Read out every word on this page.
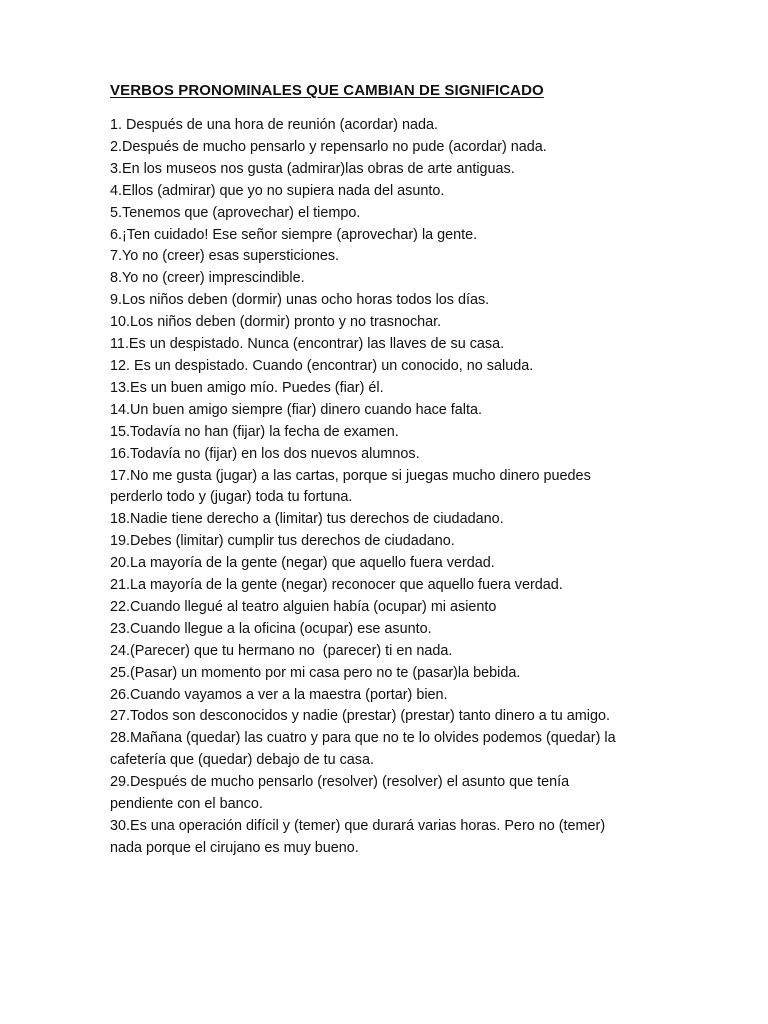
VERBOS PRONOMINALES QUE CAMBIAN DE SIGNIFICADO
1. Después de una hora de reunión (acordar) nada.
2.Después de mucho pensarlo y repensarlo no pude (acordar) nada.
3.En los museos nos gusta (admirar)las obras de arte antiguas.
4.Ellos (admirar) que yo no supiera nada del asunto.
5.Tenemos que (aprovechar) el tiempo.
6.¡Ten cuidado! Ese señor siempre (aprovechar) la gente.
7.Yo no (creer) esas supersticiones.
8.Yo no (creer) imprescindible.
9.Los niños deben (dormir) unas ocho horas todos los días.
10.Los niños deben (dormir) pronto y no trasnochar.
11.Es un despistado. Nunca (encontrar) las llaves de su casa.
12. Es un despistado. Cuando (encontrar) un conocido, no saluda.
13.Es un buen amigo mío. Puedes (fiar) él.
14.Un buen amigo siempre (fiar) dinero cuando hace falta.
15.Todavía no han (fijar) la fecha de examen.
16.Todavía no (fijar) en los dos nuevos alumnos.
17.No me gusta (jugar) a las cartas, porque si juegas mucho dinero puedes
perderlo todo y (jugar) toda tu fortuna.
18.Nadie tiene derecho a (limitar) tus derechos de ciudadano.
19.Debes (limitar) cumplir tus derechos de ciudadano.
20.La mayoría de la gente (negar) que aquello fuera verdad.
21.La mayoría de la gente (negar) reconocer que aquello fuera verdad.
22.Cuando llegué al teatro alguien había (ocupar) mi asiento
23.Cuando llegue a la oficina (ocupar) ese asunto.
24.(Parecer) que tu hermano no  (parecer) ti en nada.
25.(Pasar) un momento por mi casa pero no te (pasar)la bebida.
26.Cuando vayamos a ver a la maestra (portar) bien.
27.Todos son desconocidos y nadie (prestar) (prestar) tanto dinero a tu amigo.
28.Mañana (quedar) las cuatro y para que no te lo olvides podemos (quedar) la
cafetería que (quedar) debajo de tu casa.
29.Después de mucho pensarlo (resolver) (resolver) el asunto que tenía
pendiente con el banco.
30.Es una operación difícil y (temer) que durará varias horas. Pero no (temer)
nada porque el cirujano es muy bueno.
